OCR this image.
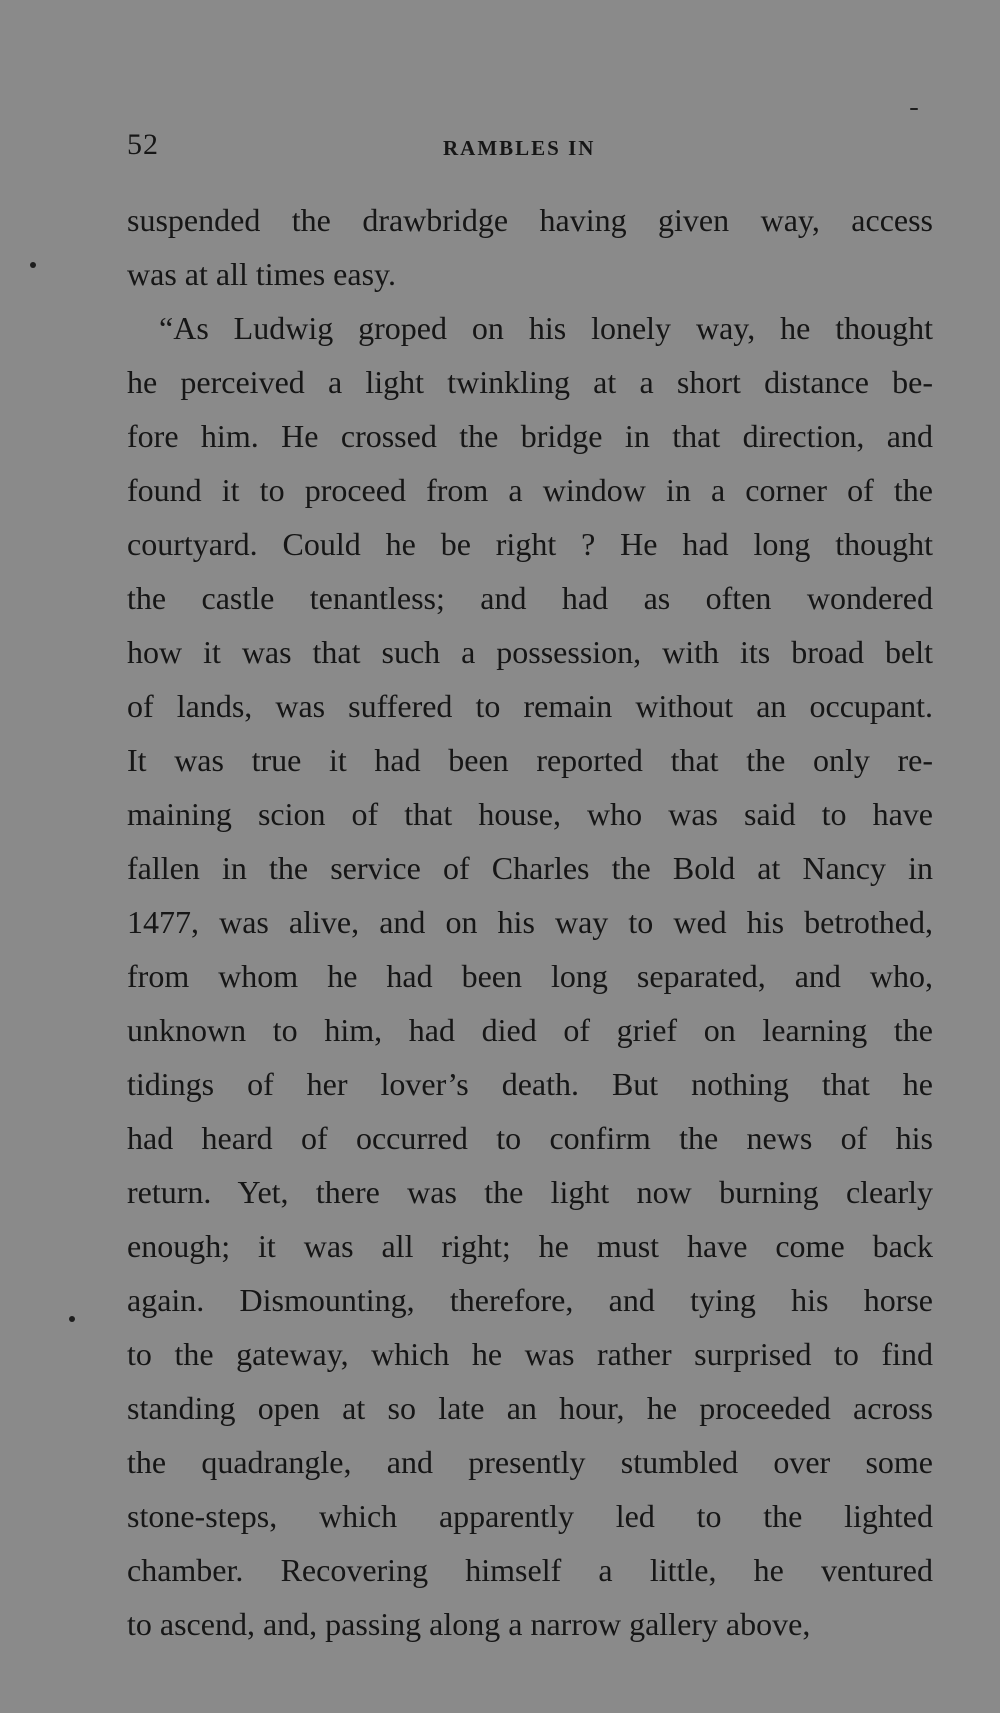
52	RAMBLES IN
suspended the drawbridge having given way, access
was at all times easy.
“As Ludwig groped on his lonely way, he thought
he perceived a light twinkling at a short distance be-
fore him. He crossed the bridge in that direction, and
found it to proceed from a window in a corner of the
courtyard. Could he be right ? He had long thought
the castle tenantless; and had as often wondered
how it was that such a possession, with its broad belt
of lands, was suffered to remain without an occupant.
It was true it had been reported that the only re-
maining scion of that house, who was said to have
fallen in the service of Charles the Bold at Nancy in
1477, was alive, and on his way to wed his betrothed,
from whom he had been long separated, and who,
unknown to him, had died of grief on learning the
tidings of her lover’s death. But nothing that he
had heard of occurred to confirm the news of his
return. Yet, there was the light now burning clearly
enough; it was all right; he must have come back
again. Dismounting, therefore, and tying his horse
to the gateway, which he was rather surprised to find
standing open at so late an hour, he proceeded across
the quadrangle, and presently stumbled over some
stone-steps, which apparently led to the lighted
chamber. Recovering himself a little, he ventured
to ascend, and, passing along a narrow gallery above,
